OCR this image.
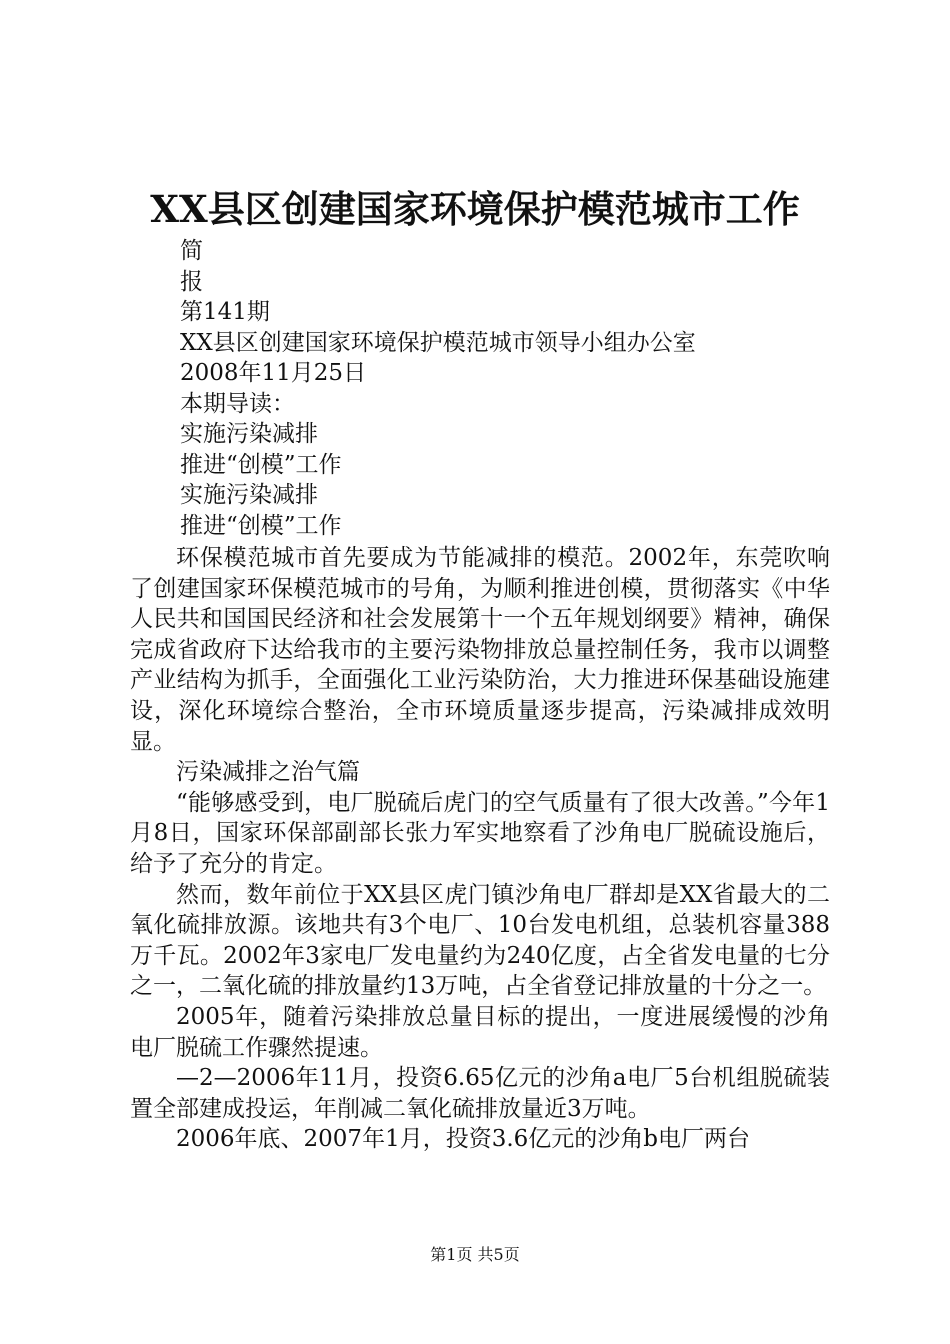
XX县区创建国家环境保护模范城市工作
简
报
第141期
XX县区创建国家环境保护模范城市领导小组办公室
2008年11月25日
本期导读：
实施污染减排
推进“创模”工作
实施污染减排
推进“创模”工作

环保模范城市首先要成为节能减排的模范。2002年，东莞吹响了创建国家环保模范城市的号角，为顺利推进创模，贯彻落实《中华人民共和国国民经济和社会发展第十一个五年规划纲要》精神，确保完成省政府下达给我市的主要污染物排放总量控制任务，我市以调整产业结构为抓手，全面强化工业污染防治，大力推进环保基础设施建设，深化环境综合整治，全市环境质量逐步提高，污染减排成效明显。

污染减排之治气篇

“能够感受到，电厂脱硫后虎门的空气质量有了很大改善。”今年1月8日，国家环保部副部长张力军实地察看了沙角电厂脱硫设施后，给予了充分的肯定。

然而，数年前位于XX县区虎门镇沙角电厂群却是XX省最大的二氧化硫排放源。该地共有3个电厂、10台发电机组，总装机容量388万千瓦。2002年3家电厂发电量约为240亿度，占全省发电量的七分之一，二氧化硫的排放量约13万吨，占全省登记排放量的十分之一。

2005年，随着污染排放总量目标的提出，一度进展缓慢的沙角电厂脱硫工作骤然提速。

—2—2006年11月，投资6.65亿元的沙角a电厂5台机组脱硫装置全部建成投运，年削减二氧化硫排放量近3万吨。

2006年底、2007年1月，投资3.6亿元的沙角b电厂两台

第1页 共5页
